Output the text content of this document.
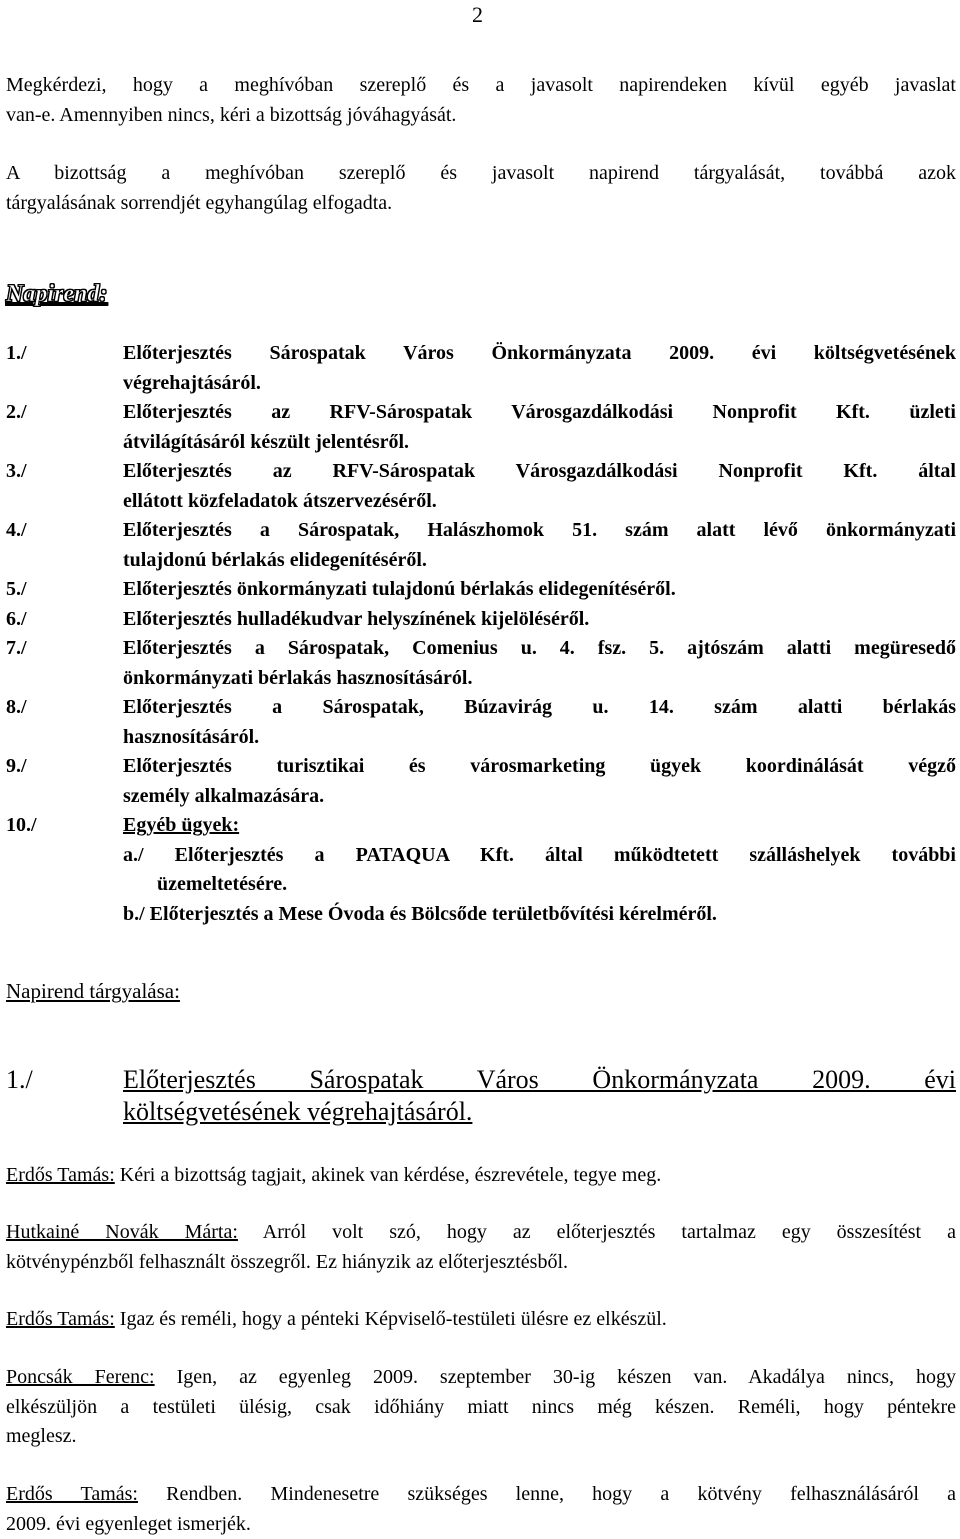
2
Megkérdezi, hogy a meghívóban szereplő és a javasolt napirendeken kívül egyéb javaslat
van-e. Amennyiben nincs, kéri a bizottság jóváhagyását.
A bizottság a meghívóban szereplő és javasolt napirend tárgyalását, továbbá azok
tárgyalásának sorrendjét egyhangúlag elfogadta.
Napirend:
1./	Előterjesztés Sárospatak Város Önkormányzata 2009. évi költségvetésének
végrehajtásáról.
2./	Előterjesztés az RFV-Sárospatak Városgazdálkodási Nonprofit Kft. üzleti
átvilágításáról készült jelentésről.
3./	Előterjesztés az RFV-Sárospatak Városgazdálkodási Nonprofit Kft. által
ellátott közfeladatok átszervezéséről.
4./	Előterjesztés a Sárospatak, Halászhomok 51. szám alatt lévő önkormányzati
tulajdonú bérlakás elidegenítéséről.
5./	Előterjesztés önkormányzati tulajdonú bérlakás elidegenítéséről.
6./	Előterjesztés hulladékudvar helyszínének kijelöléséről.
7./	Előterjesztés a Sárospatak, Comenius u. 4. fsz. 5. ajtószám alatti megüresedő
önkormányzati bérlakás hasznosításáról.
8./	Előterjesztés a Sárospatak, Búzavirág u. 14. szám alatti bérlakás
hasznosításáról.
9./	Előterjesztés turisztikai és városmarketing ügyek koordinálását végző
személy alkalmazására.
10./	Egyéb ügyek:
a./ Előterjesztés a PATAQUA Kft. által működtetett szálláshelyek további
üzemeltetésére.
b./ Előterjesztés a Mese Óvoda és Bölcsőde területbővítési kérelméről.
Napirend tárgyalása:
1./	Előterjesztés Sárospatak Város Önkormányzata 2009. évi
költségvetésének végrehajtásáról.
Erdős Tamás: Kéri a bizottság tagjait, akinek van kérdése, észrevétele, tegye meg.
Hutkainé Novák Márta: Arról volt szó, hogy az előterjesztés tartalmaz egy összesítést a
kötvénypénzből felhasznált összegről. Ez hiányzik az előterjesztésből.
Erdős Tamás: Igaz és reméli, hogy a pénteki Képviselő-testületi ülésre ez elkészül.
Poncsák Ferenc: Igen, az egyenleg 2009. szeptember 30-ig készen van. Akadálya nincs, hogy
elkészüljön a testületi ülésig, csak időhiány miatt nincs még készen. Reméli, hogy péntekre
meglesz.
Erdős Tamás: Rendben. Mindenesetre szükséges lenne, hogy a kötvény felhasználásáról a
2009. évi egyenleget ismerjék.
